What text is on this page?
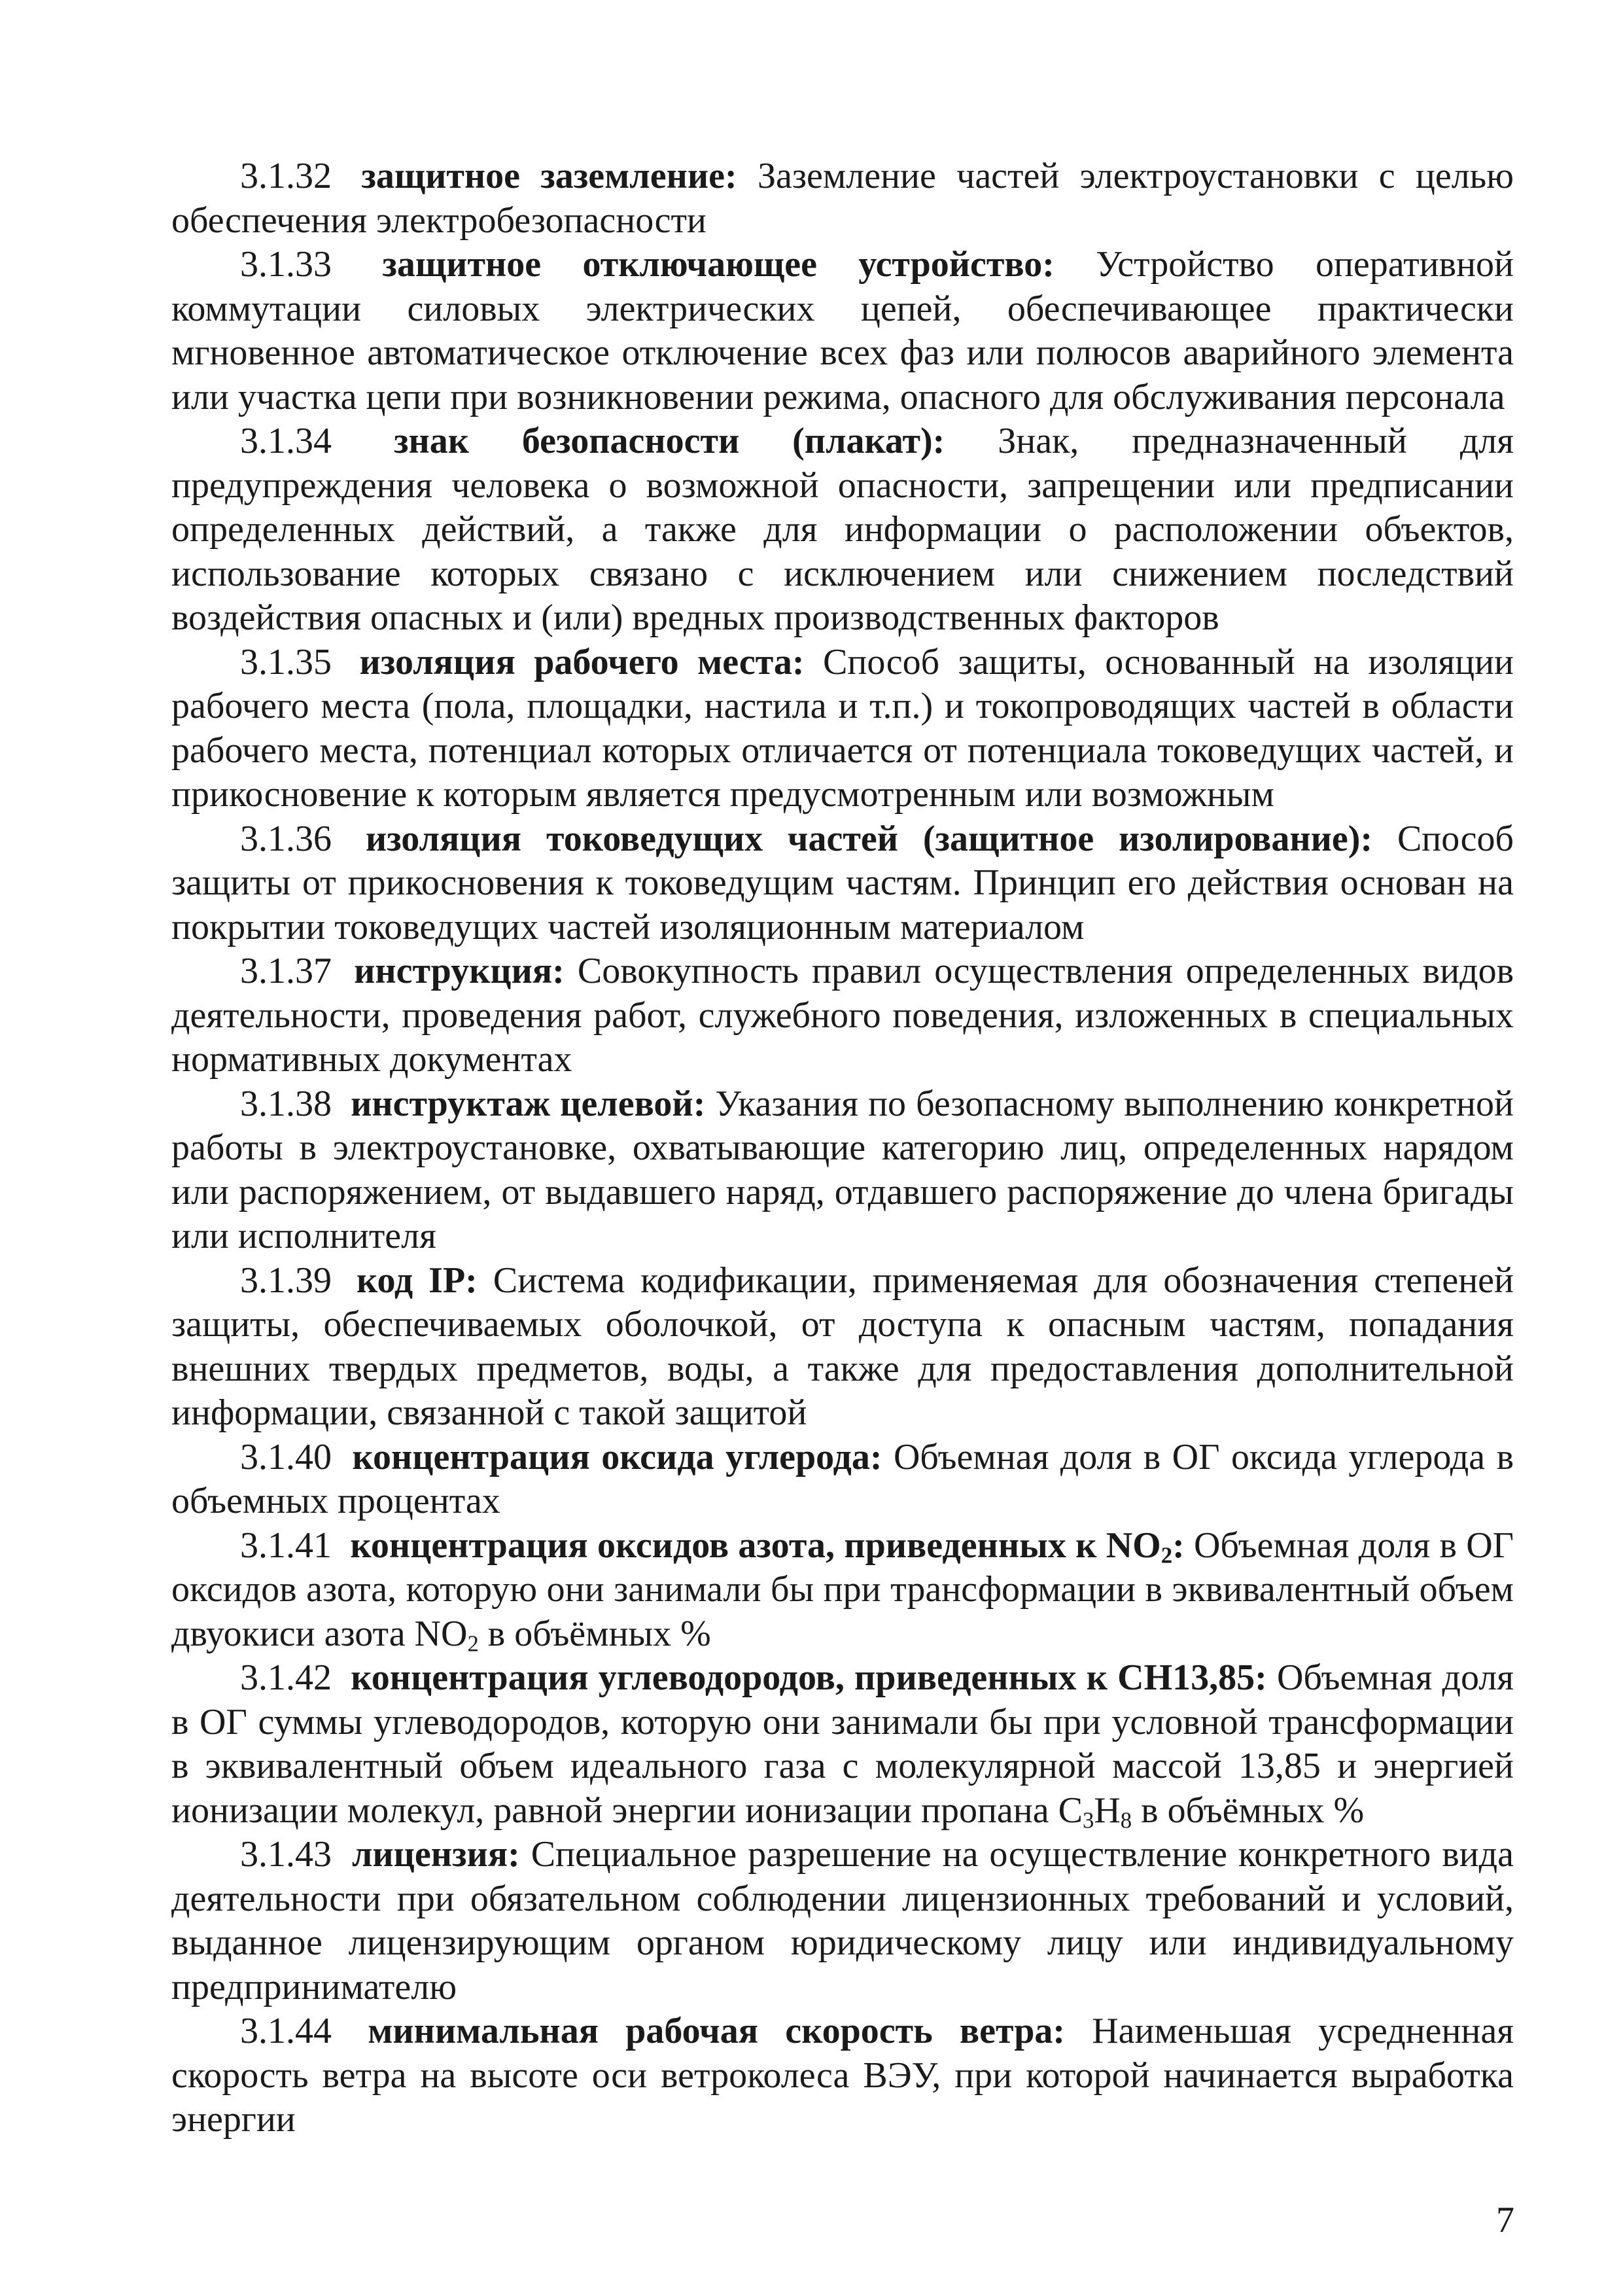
3.1.32 защитное заземление: Заземление частей электроустановки с целью обеспечения электробезопасности

3.1.33 защитное отключающее устройство: Устройство оперативной коммутации силовых электрических цепей, обеспечивающее практически мгновенное автоматическое отключение всех фаз или полюсов аварийного элемента или участка цепи при возникновении режима, опасного для обслуживания персонала

3.1.34 знак безопасности (плакат): Знак, предназначенный для предупреждения человека о возможной опасности, запрещении или предписании определенных действий, а также для информации о расположении объектов, использование которых связано с исключением или снижением последствий воздействия опасных и (или) вредных производственных факторов

3.1.35 изоляция рабочего места: Способ защиты, основанный на изоляции рабочего места (пола, площадки, настила и т.п.) и токопроводящих частей в области рабочего места, потенциал которых отличается от потенциала токоведущих частей, и прикосновение к которым является предусмотренным или возможным

3.1.36 изоляция токоведущих частей (защитное изолирование): Способ защиты от прикосновения к токоведущим частям. Принцип его действия основан на покрытии токоведущих частей изоляционным материалом

3.1.37 инструкция: Совокупность правил осуществления определенных видов деятельности, проведения работ, служебного поведения, изложенных в специальных нормативных документах

3.1.38 инструктаж целевой: Указания по безопасному выполнению конкретной работы в электроустановке, охватывающие категорию лиц, определенных нарядом или распоряжением, от выдавшего наряд, отдавшего распоряжение до члена бригады или исполнителя

3.1.39 код IP: Система кодификации, применяемая для обозначения степеней защиты, обеспечиваемых оболочкой, от доступа к опасным частям, попадания внешних твердых предметов, воды, а также для предоставления дополнительной информации, связанной с такой защитой

3.1.40 концентрация оксида углерода: Объемная доля в ОГ оксида углерода в объемных процентах

3.1.41 концентрация оксидов азота, приведенных к $NO_2$: Объемная доля в ОГ оксидов азота, которую они занимали бы при трансформации в эквивалентный объем двуокиси азота $NO_2$ в объёмных %

3.1.42 концентрация углеводородов, приведенных к СН13,85: Объемная доля в ОГ суммы углеводородов, которую они занимали бы при условной трансформации в эквивалентный объем идеального газа с молекулярной массой 13,85 и энергией ионизации молекул, равной энергии ионизации пропана $С_3Н_8$ в объёмных %

3.1.43 лицензия: Специальное разрешение на осуществление конкретного вида деятельности при обязательном соблюдении лицензионных требований и условий, выданное лицензирующим органом юридическому лицу или индивидуальному предпринимателю

3.1.44 минимальная рабочая скорость ветра: Наименьшая усредненная скорость ветра на высоте оси ветроколеса ВЭУ, при которой начинается выработка энергии

7
